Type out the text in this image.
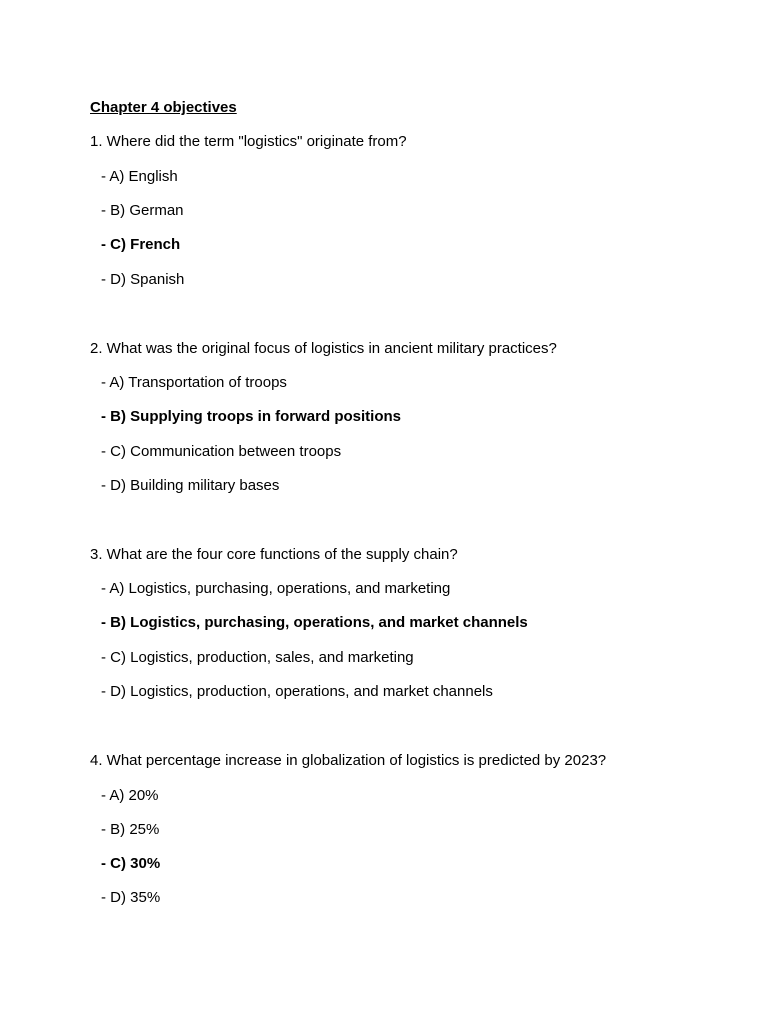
Chapter 4 objectives
1. Where did the term "logistics" originate from?
- A) English
- B) German
- C) French
- D) Spanish
2. What was the original focus of logistics in ancient military practices?
- A) Transportation of troops
- B) Supplying troops in forward positions
- C) Communication between troops
- D) Building military bases
3. What are the four core functions of the supply chain?
- A) Logistics, purchasing, operations, and marketing
- B) Logistics, purchasing, operations, and market channels
- C) Logistics, production, sales, and marketing
- D) Logistics, production, operations, and market channels
4. What percentage increase in globalization of logistics is predicted by 2023?
- A) 20%
- B) 25%
- C) 30%
- D) 35%
